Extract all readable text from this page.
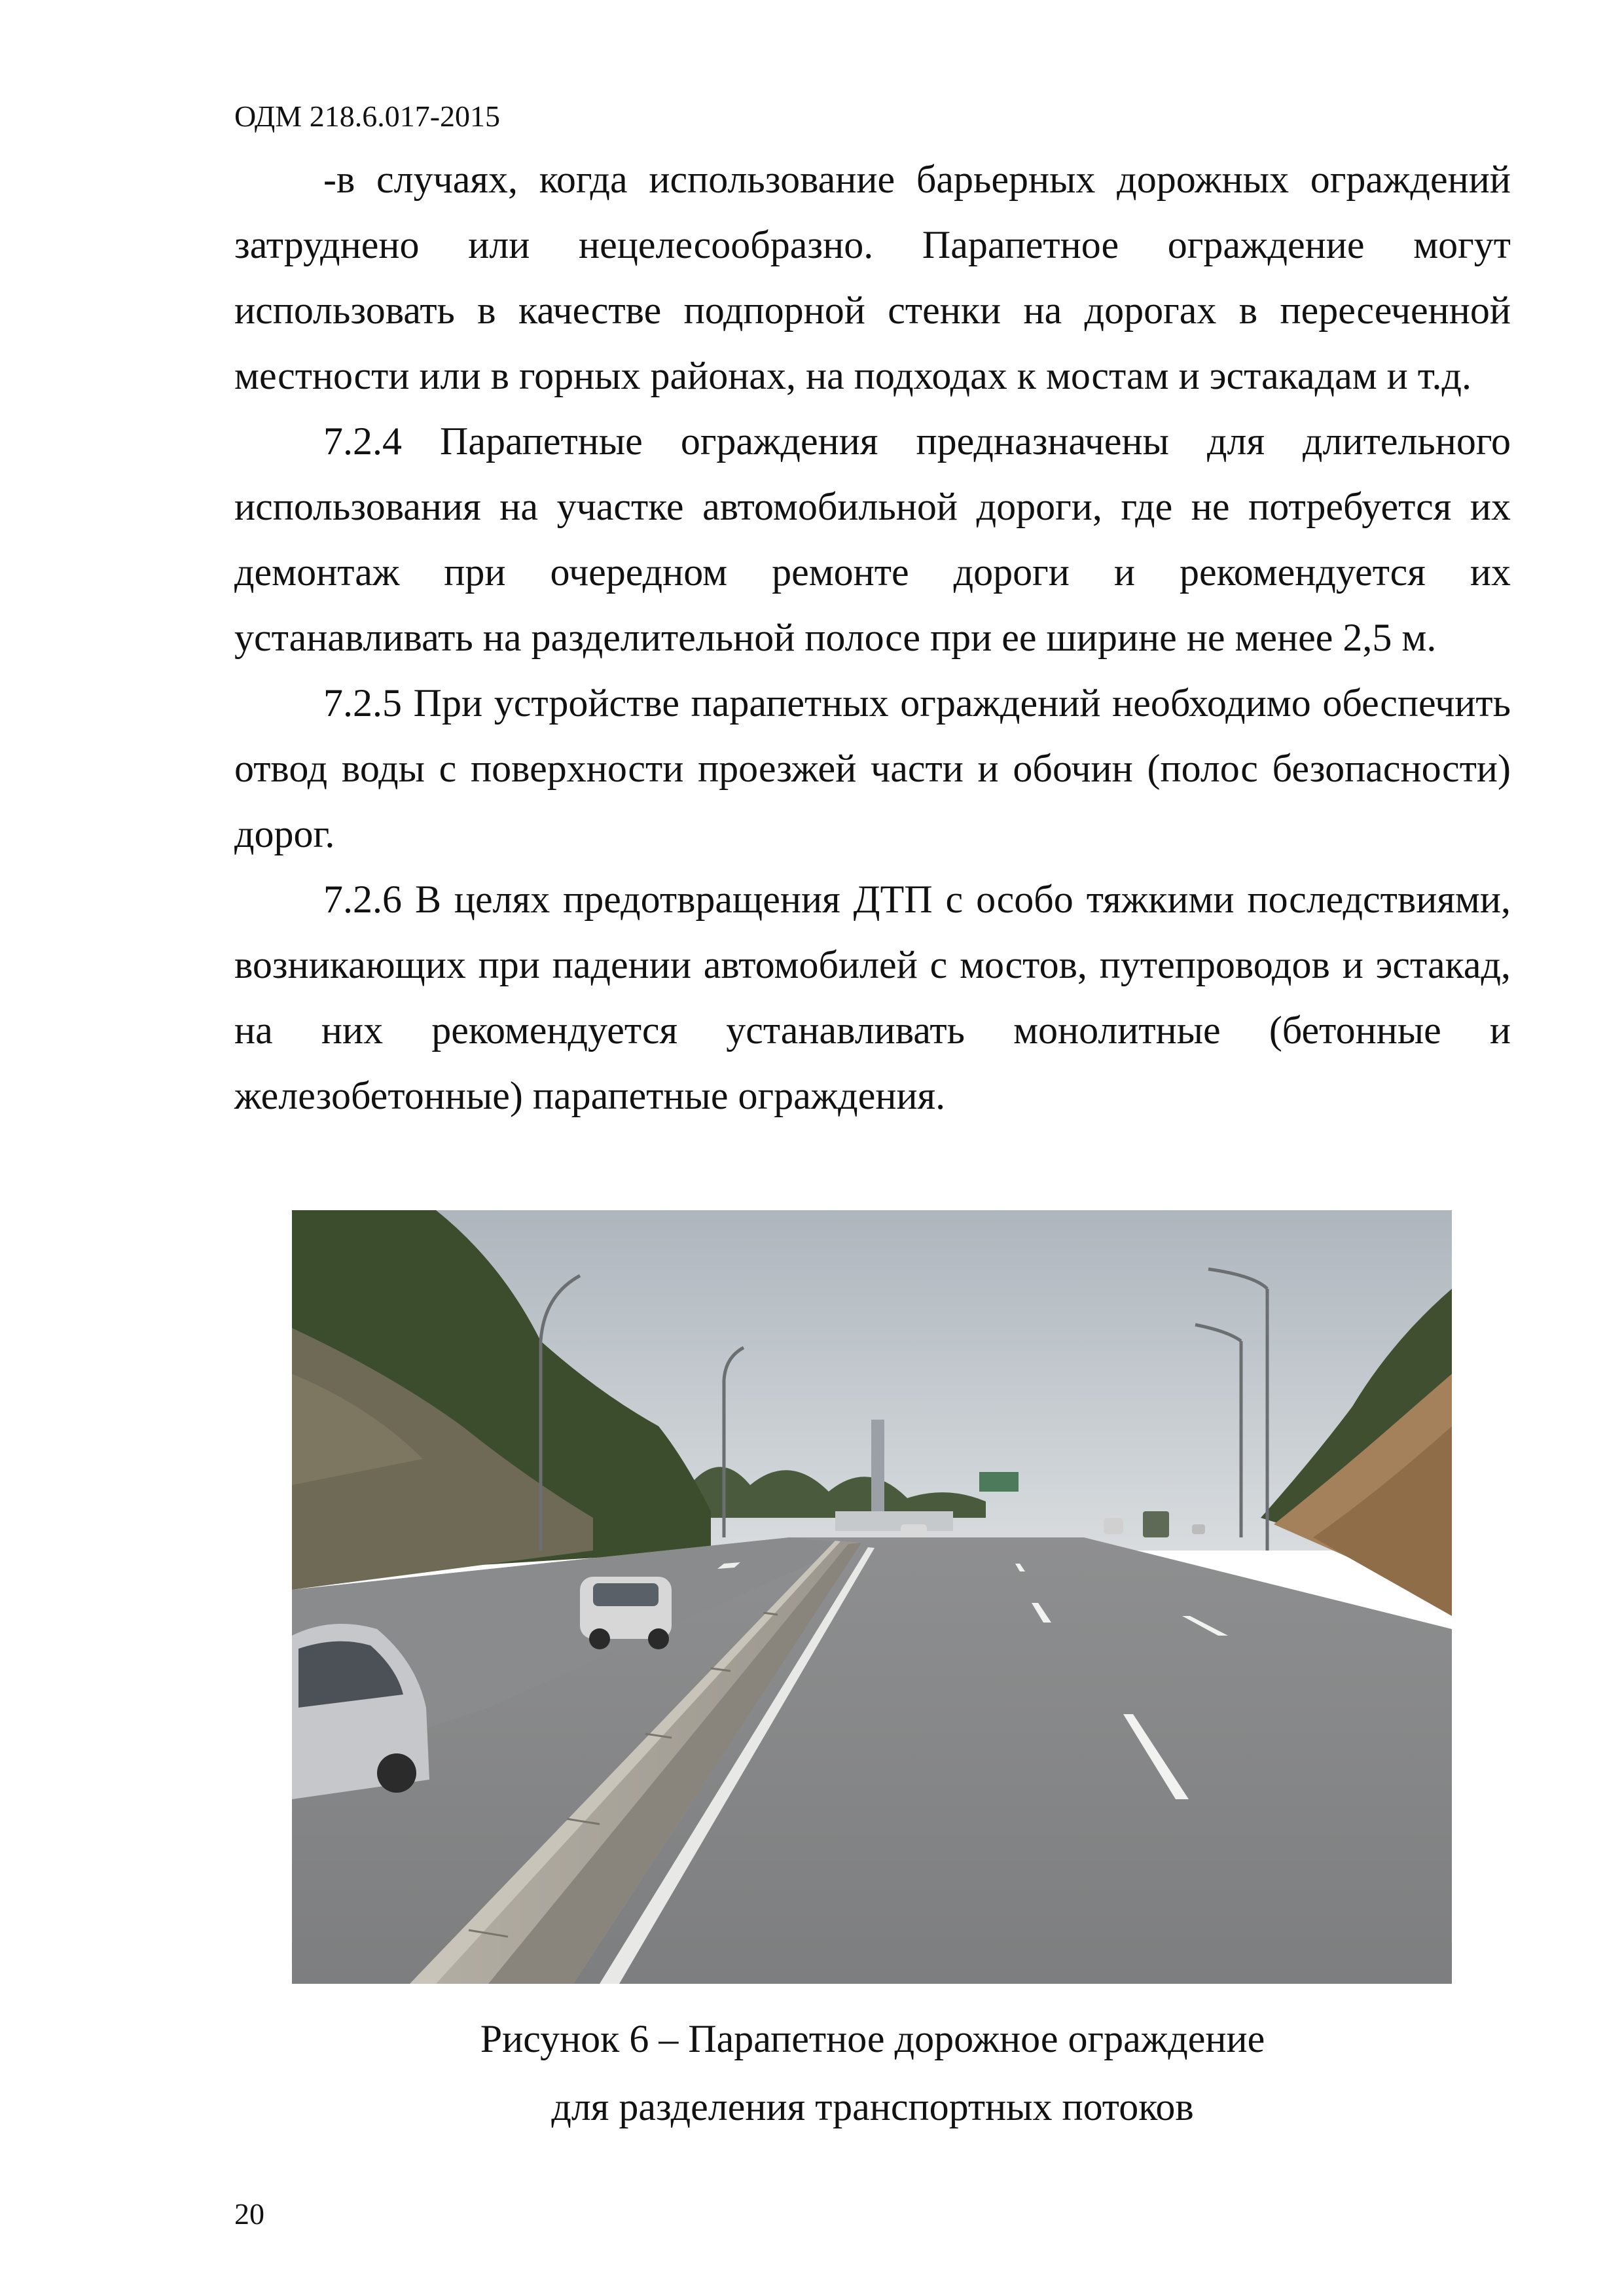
ОДМ 218.6.017-2015

-в случаях, когда использование барьерных дорожных ограждений затруднено или нецелесообразно. Парапетное ограждение могут использовать в качестве подпорной стенки на дорогах в пересеченной местности или в горных районах, на подходах к мостам и эстакадам и т.д.

7.2.4 Парапетные ограждения предназначены для длительного использования на участке автомобильной дороги, где не потребуется их демонтаж при очередном ремонте дороги и рекомендуется их устанавливать на разделительной полосе при ее ширине не менее 2,5 м.

7.2.5 При устройстве парапетных ограждений необходимо обеспечить отвод воды с поверхности проезжей части и обочин (полос безопасности) дорог.

7.2.6 В целях предотвращения ДТП с особо тяжкими последствиями, возникающих при падении автомобилей с мостов, путепроводов и эстакад, на них рекомендуется устанавливать монолитные (бетонные и железобетонные) парапетные ограждения.

Рисунок 6 – Парапетное дорожное ограждение
для разделения транспортных потоков
20
